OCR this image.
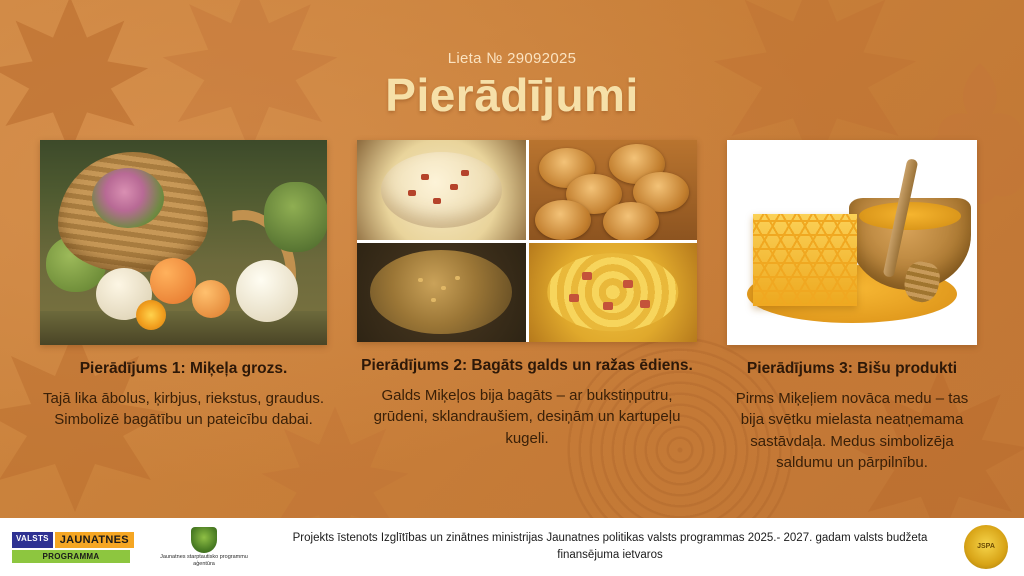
Lieta № 29092025
Pierādījumi
Pierādījums 1: Miķeļa grozs.
Tajā lika ābolus, ķirbjus, riekstus, graudus. Simbolizē bagātību un pateicību dabai.
Pierādījums 2: Bagāts galds un ražas ēdiens.
Galds Miķeļos bija bagāts – ar bukstiņputru, grūdeni, sklandraušiem, desiņām un kartupeļu kugeli.
Pierādījums 3: Bišu produkti
Pirms Miķeļiem novāca medu – tas bija svētku mielasta neatņemama sastāvdaļa. Medus simbolizēja saldumu un pārpilnību.
VALSTS	JAUNATNES
PROGRAMMA	Jaunatnes starptautisko programmu aģentūra
Projekts īstenots Izglītības un zinātnes ministrijas Jaunatnes politikas valsts programmas 2025.- 2027. gadam valsts budžeta finansējuma ietvaros
JSPA
